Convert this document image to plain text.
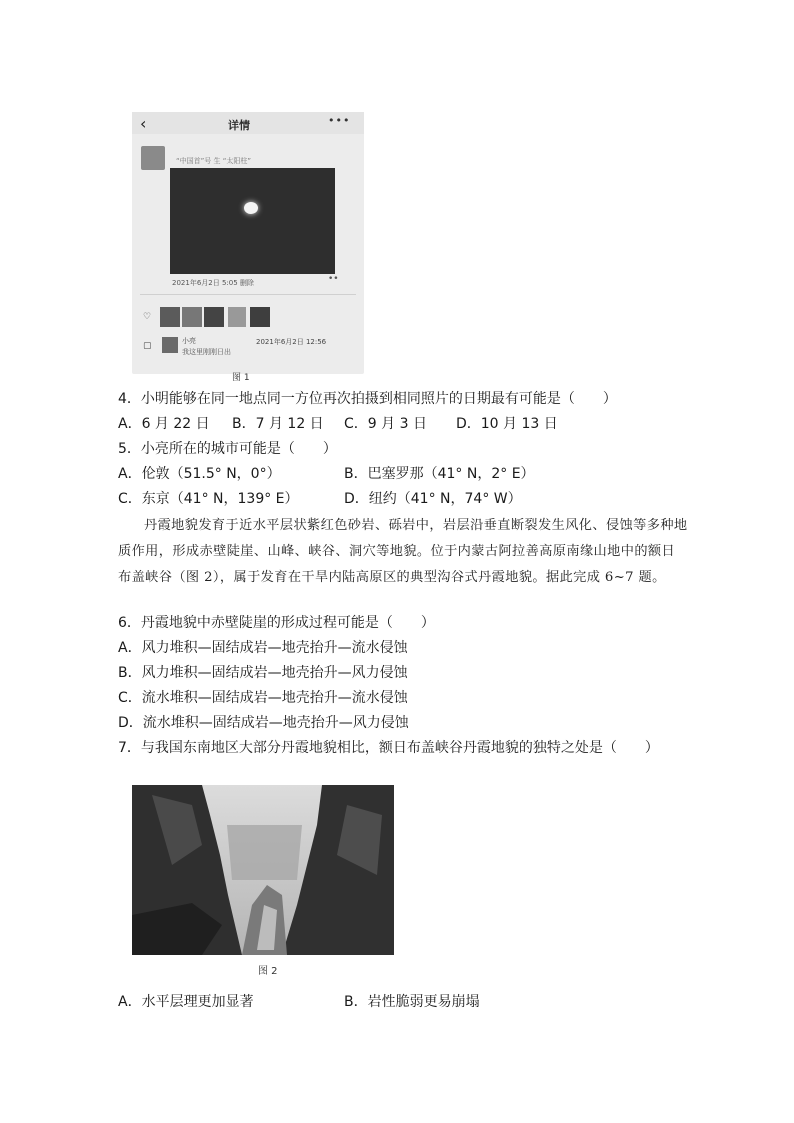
‹	详情	•••
“中国首”号 生 “太阳柱”
2021年6月2日 5:05 删除	••
♡
▢	小亮	2021年6月2日 12:56
我这里刚刚日出
图 1
4．小明能够在同一地点同一方位再次拍摄到相同照片的日期最有可能是（　　）
A．6 月 22 日 B．7 月 12 日 C．9 月 3 日 D．10 月 13 日
5．小亮所在的城市可能是（　　）
A．伦敦（51.5° N，0°）	B．巴塞罗那（41° N，2° E）
C．东京（41° N，139° E）	D．纽约（41° N，74° W）
丹霞地貌发育于近水平层状紫红色砂岩、砾岩中，岩层沿垂直断裂发生风化、侵蚀等多种地质作用，形成赤壁陡崖、山峰、峡谷、洞穴等地貌。位于内蒙古阿拉善高原南缘山地中的额日布盖峡谷（图 2），属于发育在干旱内陆高原区的典型沟谷式丹霞地貌。据此完成 6~7 题。
6．丹霞地貌中赤壁陡崖的形成过程可能是（　　）
A．风力堆积—固结成岩—地壳抬升—流水侵蚀
B．风力堆积—固结成岩—地壳抬升—风力侵蚀
C．流水堆积—固结成岩—地壳抬升—流水侵蚀
D．流水堆积—固结成岩—地壳抬升—风力侵蚀
7．与我国东南地区大部分丹霞地貌相比，额日布盖峡谷丹霞地貌的独特之处是（　　）
图 2
A．水平层理更加显著	B．岩性脆弱更易崩塌
